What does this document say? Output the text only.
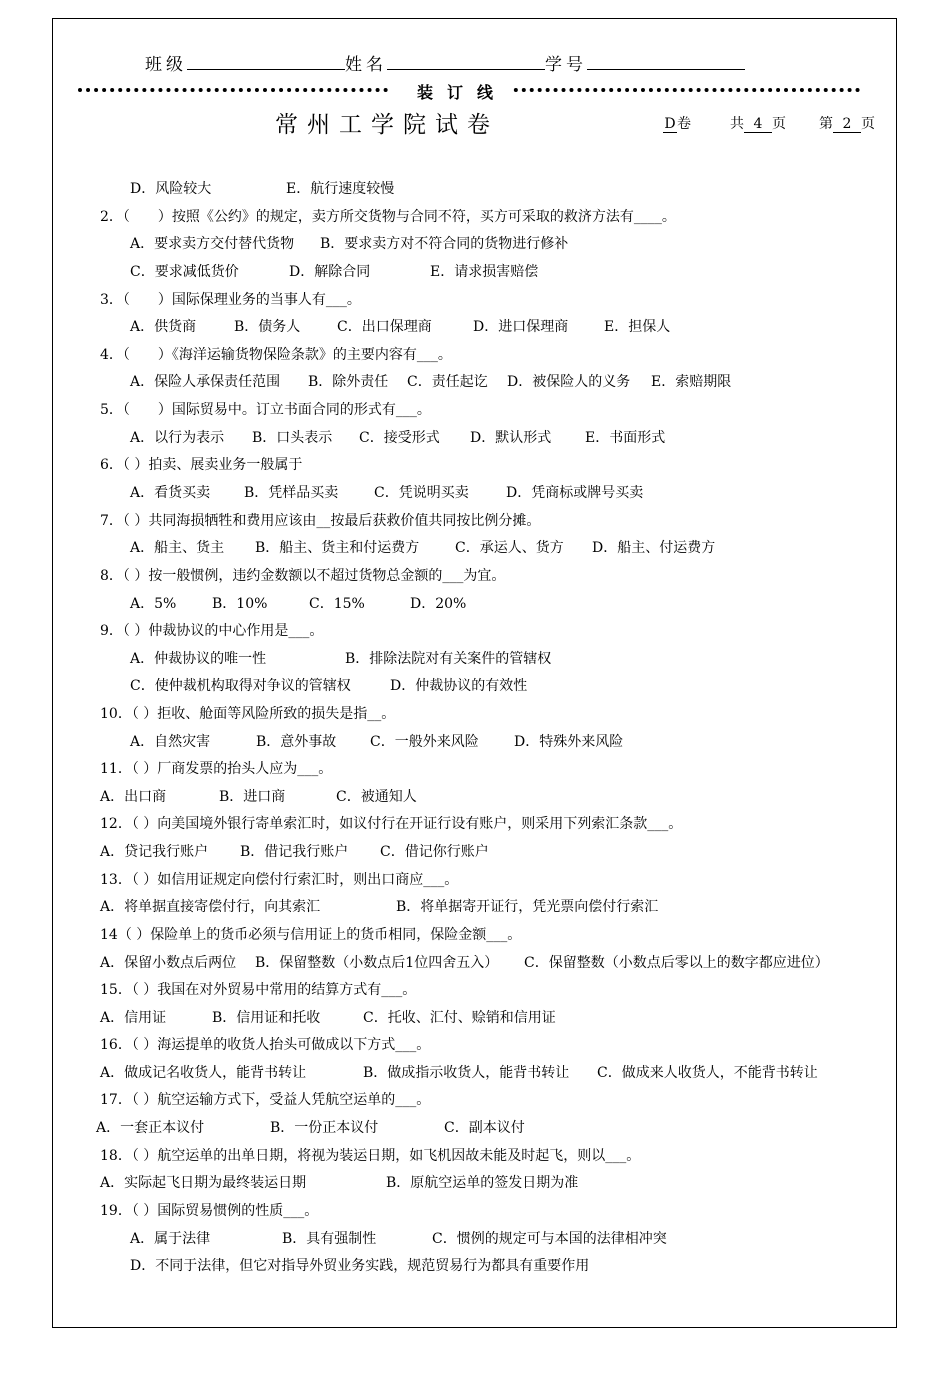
班级	姓名	学号
装订线
常州工学院试卷	D卷	共 4 页 第 2 页
D．风险较大	E．航行速度较慢
2．（　　）按照《公约》的规定，卖方所交货物与合同不符，买方可采取的救济方法有____。
A．要求卖方交付替代货物 B．要求卖方对不符合同的货物进行修补
C．要求减低货价	D．解除合同	E．请求损害赔偿
3．（　　）国际保理业务的当事人有___。
A．供货商	B．债务人	C．出口保理商	D．进口保理商	E．担保人
4．（　　）《海洋运输货物保险条款》的主要内容有___。
A．保险人承保责任范围 B．除外责任 C．责任起讫 D．被保险人的义务 E．索赔期限
5．（　　）国际贸易中。订立书面合同的形式有___。
A．以行为表示 B．口头表示 C．接受形式 D．默认形式 E．书面形式
6．（ ）拍卖、展卖业务一般属于
A．看货买卖 B．凭样品买卖	C．凭说明买卖	D．凭商标或牌号买卖
7．（ ）共同海损牺牲和费用应该由__按最后获救价值共同按比例分摊。
A．船主、货主 B．船主、货主和付运费方	C．承运人、货方 D．船主、付运费方
8．（ ）按一般惯例，违约金数额以不超过货物总金额的___为宜。
A．5%	B．10%	C．15%	D．20%
9．（ ）仲裁协议的中心作用是___。
A．仲裁协议的唯一性	B．排除法院对有关案件的管辖权
C．使仲裁机构取得对争议的管辖权	D．仲裁协议的有效性
10．（ ）拒收、舱面等风险所致的损失是指__。
A．自然灾害	B．意外事故 C．一般外来风险	D．特殊外来风险
11．（ ）厂商发票的抬头人应为___。
A．出口商	B．进口商	C．被通知人
12．（ ）向美国境外银行寄单索汇时，如议付行在开证行设有账户，则采用下列索汇条款___。
A．贷记我行账户 B．借记我行账户 C．借记你行账户
13．（ ）如信用证规定向偿付行索汇时，则出口商应___。
A．将单据直接寄偿付行，向其索汇	B．将单据寄开证行，凭光票向偿付行索汇
14（ ）保险单上的货币必须与信用证上的货币相同，保险金额___。
A．保留小数点后两位 B．保留整数（小数点后1位四舍五入） C．保留整数（小数点后零以上的数字都应进位）
15．（ ）我国在对外贸易中常用的结算方式有___。
A．信用证	B．信用证和托收	C．托收、汇付、赊销和信用证
16．（ ）海运提单的收货人抬头可做成以下方式___。
A．做成记名收货人，能背书转让	B．做成指示收货人，能背书转让 C．做成来人收货人，不能背书转让
17．（ ）航空运输方式下，受益人凭航空运单的___。
A．一套正本议付	B．一份正本议付	C．副本议付
18．（ ）航空运单的出单日期，将视为装运日期，如飞机因故未能及时起飞，则以___。
A．实际起飞日期为最终装运日期	B．原航空运单的签发日期为准
19．（ ）国际贸易惯例的性质___。
A．属于法律	B．具有强制性	C．惯例的规定可与本国的法律相冲突
D．不同于法律，但它对指导外贸业务实践，规范贸易行为都具有重要作用
